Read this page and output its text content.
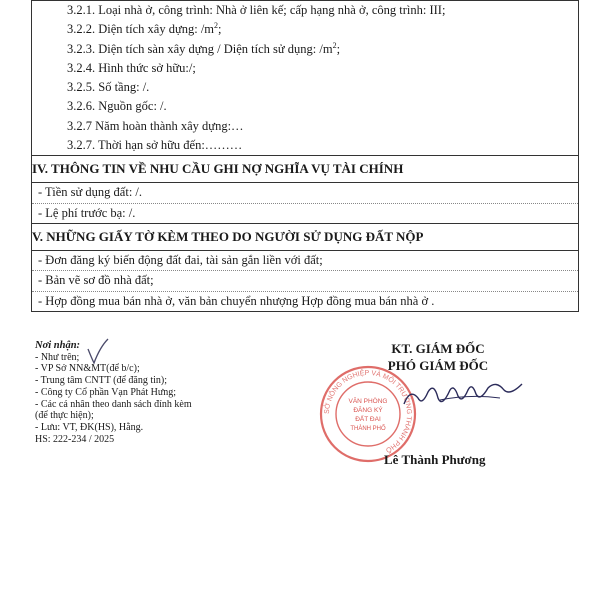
3.2.1. Loại nhà ở, công trình: Nhà ở liên kế; cấp hạng nhà ở, công trình: III;
3.2.2. Diện tích xây dựng: $/m^2$;
3.2.3. Diện tích sàn xây dựng / Diện tích sử dụng: $/m^2$;
3.2.4. Hình thức sở hữu:/;
3.2.5. Số tầng: /.
3.2.6. Nguồn gốc: /.
3.2.7 Năm hoàn thành xây dựng:…
3.2.7. Thời hạn sở hữu đến:………

IV. THÔNG TIN VỀ NHU CẦU GHI NỢ NGHĨA VỤ TÀI CHÍNH

- Tiền sử dụng đất: /.
- Lệ phí trước bạ: /.

V. NHỮNG GIẤY TỜ KÈM THEO DO NGƯỜI SỬ DỤNG ĐẤT NỘP

- Đơn đăng ký biến động đất đai, tài sản gắn liền với đất;
- Bản vẽ sơ đồ nhà đất;
- Hợp đồng mua bán nhà ở, văn bản chuyển nhượng Hợp đồng mua bán nhà ở .
Nơi nhận:
- Như trên;
- VP Sở NN&MT(để b/c);
- Trung tâm CNTT (để đăng tin);
- Công ty Cổ phần Vạn Phát Hưng;
- Các cá nhân theo danh sách đính kèm
(để thực hiện);
- Lưu: VT, ĐK(HS), Hằng.
HS: 222-234 / 2025
KT. GIÁM ĐỐC
PHÓ GIÁM ĐỐC
SỞ NÔNG NGHIỆP VÀ MÔI TRƯỜNG THÀNH PHỐ
VĂN PHÒNG
ĐĂNG KÝ
ĐẤT ĐAI
THÀNH PHỐ
Lê Thành Phương
